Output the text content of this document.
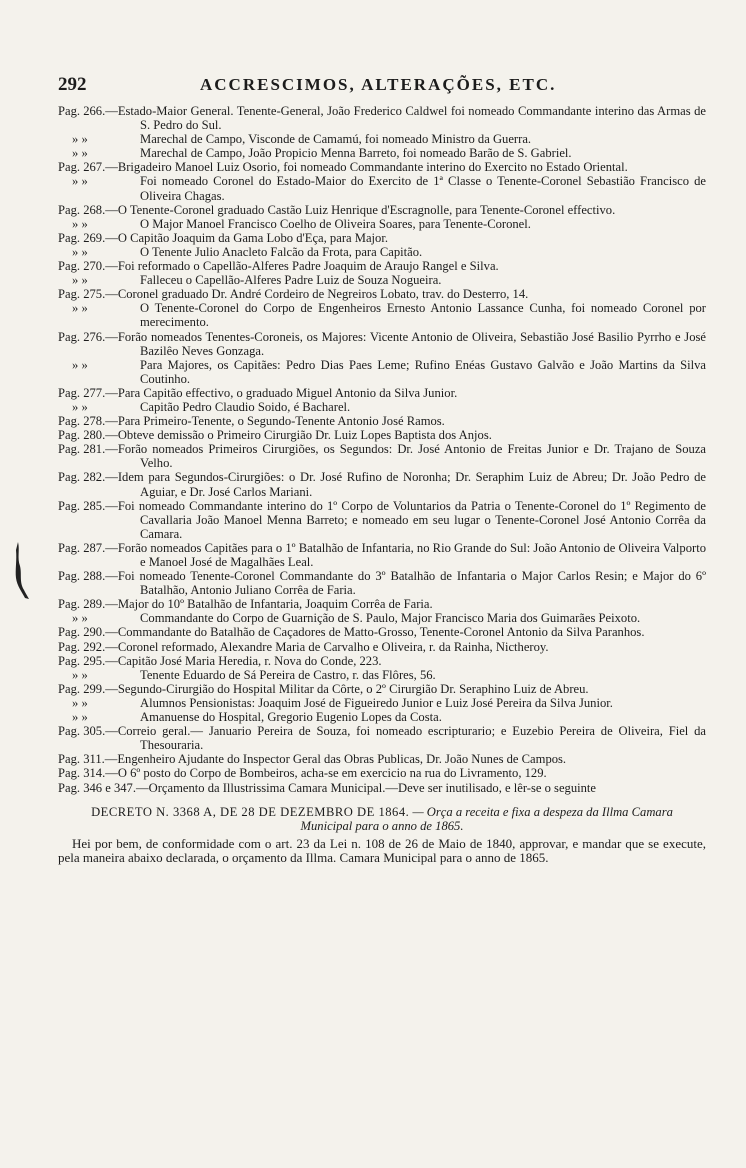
292	ACCRESCIMOS, ALTERAÇÕES, ETC.
Pag. 266.—Estado-Maior General. Tenente-General, João Frederico Caldwel foi nomeado Commandante interino das Armas de S. Pedro do Sul.
» »	Marechal de Campo, Visconde de Camamú, foi nomeado Ministro da Guerra.
» »	Marechal de Campo, João Propicio Menna Barreto, foi nomeado Barão de S. Gabriel.
Pag. 267.—Brigadeiro Manoel Luiz Osorio, foi nomeado Commandante interino do Exercito no Estado Oriental.
» »	Foi nomeado Coronel do Estado-Maior do Exercito de 1ª Classe o Tenente-Coronel Sebastião Francisco de Oliveira Chagas.
Pag. 268.—O Tenente-Coronel graduado Castão Luiz Henrique d'Escragnolle, para Tenente-Coronel effectivo.
» »	O Major Manoel Francisco Coelho de Oliveira Soares, para Tenente-Coronel.
Pag. 269.—O Capitão Joaquim da Gama Lobo d'Eça, para Major.
» »	O Tenente Julio Anacleto Falcão da Frota, para Capitão.
Pag. 270.—Foi reformado o Capellão-Alferes Padre Joaquim de Araujo Rangel e Silva.
» »	Falleceu o Capellão-Alferes Padre Luiz de Souza Nogueira.
Pag. 275.—Coronel graduado Dr. André Cordeiro de Negreiros Lobato, trav. do Desterro, 14.
» »	O Tenente-Coronel do Corpo de Engenheiros Ernesto Antonio Lassance Cunha, foi nomeado Coronel por merecimento.
Pag. 276.—Forão nomeados Tenentes-Coroneis, os Majores: Vicente Antonio de Oliveira, Sebastião José Basilio Pyrrho e José Bazilêo Neves Gonzaga.
» »	Para Majores, os Capitães: Pedro Dias Paes Leme; Rufino Enéas Gustavo Galvão e João Martins da Silva Coutinho.
Pag. 277.—Para Capitão effectivo, o graduado Miguel Antonio da Silva Junior.
» »	Capitão Pedro Claudio Soido, é Bacharel.
Pag. 278.—Para Primeiro-Tenente, o Segundo-Tenente Antonio José Ramos.
Pag. 280.—Obteve demissão o Primeiro Cirurgião Dr. Luiz Lopes Baptista dos Anjos.
Pag. 281.—Forão nomeados Primeiros Cirurgiões, os Segundos: Dr. José Antonio de Freitas Junior e Dr. Trajano de Souza Velho.
Pag. 282.—Idem para Segundos-Cirurgiões: o Dr. José Rufino de Noronha; Dr. Seraphim Luiz de Abreu; Dr. João Pedro de Aguiar, e Dr. José Carlos Mariani.
Pag. 285.—Foi nomeado Commandante interino do 1º Corpo de Voluntarios da Patria o Tenente-Coronel do 1º Regimento de Cavallaria João Manoel Menna Barreto; e nomeado em seu lugar o Tenente-Coronel José Antonio Corrêa da Camara.
Pag. 287.—Forão nomeados Capitães para o 1º Batalhão de Infantaria, no Rio Grande do Sul: João Antonio de Oliveira Valporto e Manoel José de Magalhães Leal.
Pag. 288.—Foi nomeado Tenente-Coronel Commandante do 3º Batalhão de Infantaria o Major Carlos Resin; e Major do 6º Batalhão, Antonio Juliano Corrêa de Faria.
Pag. 289.—Major do 10º Batalhão de Infantaria, Joaquim Corrêa de Faria.
» »	Commandante do Corpo de Guarnição de S. Paulo, Major Francisco Maria dos Guimarães Peixoto.
Pag. 290.—Commandante do Batalhão de Caçadores de Matto-Grosso, Tenente-Coronel Antonio da Silva Paranhos.
Pag. 292.—Coronel reformado, Alexandre Maria de Carvalho e Oliveira, r. da Rainha, Nictheroy.
Pag. 295.—Capitão José Maria Heredia, r. Nova do Conde, 223.
» »	Tenente Eduardo de Sá Pereira de Castro, r. das Flôres, 56.
Pag. 299.—Segundo-Cirurgião do Hospital Militar da Côrte, o 2º Cirurgião Dr. Seraphino Luiz de Abreu.
» »	Alumnos Pensionistas: Joaquim José de Figueiredo Junior e Luiz José Pereira da Silva Junior.
» »	Amanuense do Hospital, Gregorio Eugenio Lopes da Costa.
Pag. 305.—Correio geral.— Januario Pereira de Souza, foi nomeado escripturario; e Euzebio Pereira de Oliveira, Fiel da Thesouraria.
Pag. 311.—Engenheiro Ajudante do Inspector Geral das Obras Publicas, Dr. João Nunes de Campos.
Pag. 314.—O 6º posto do Corpo de Bombeiros, acha-se em exercicio na rua do Livramento, 129.
Pag. 346 e 347.—Orçamento da Illustrissima Camara Municipal.—Deve ser inutilisado, e lêr-se o seguinte
DECRETO N. 3368 A, DE 28 DE DEZEMBRO DE 1864. — Orça a receita e fixa a despeza da Illma Camara Municipal para o anno de 1865.
Hei por bem, de conformidade com o art. 23 da Lei n. 108 de 26 de Maio de 1840, approvar, e mandar que se execute, pela maneira abaixo declarada, o orçamento da Illma. Camara Municipal para o anno de 1865.
